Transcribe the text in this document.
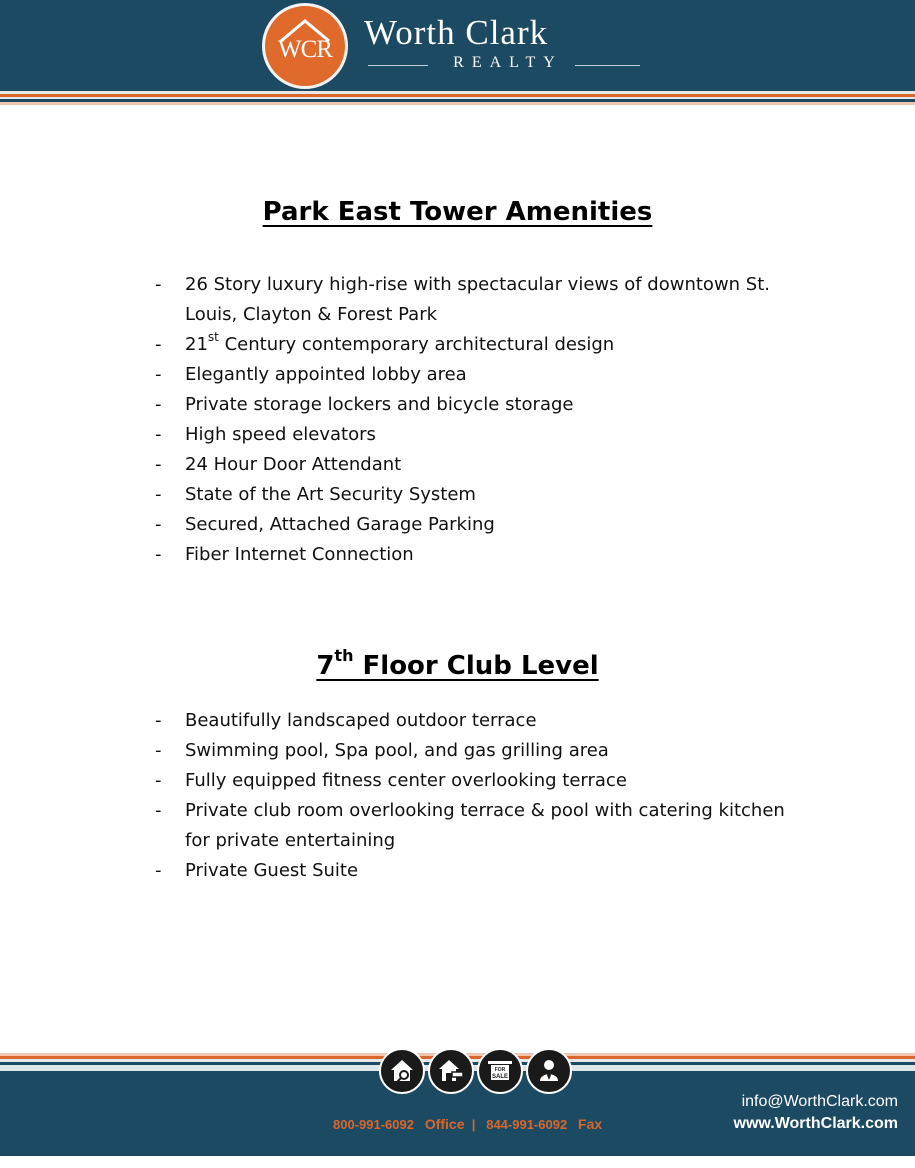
WCR Worth Clark
REALTY
Park East Tower Amenities
- 26 Story luxury high-rise with spectacular views of downtown St. Louis, Clayton & Forest Park
- 21st Century contemporary architectural design
- Elegantly appointed lobby area
- Private storage lockers and bicycle storage
- High speed elevators
- 24 Hour Door Attendant
- State of the Art Security System
- Secured, Attached Garage Parking
- Fiber Internet Connection
7th Floor Club Level
- Beautifully landscaped outdoor terrace
- Swimming pool, Spa pool, and gas grilling area
- Fully equipped fitness center overlooking terrace
- Private club room overlooking terrace & pool with catering kitchen for private entertaining
- Private Guest Suite
FOR
SALE
800-991-6092 Office | 844-991-6092 Fax
info@WorthClark.com
www.WorthClark.com
